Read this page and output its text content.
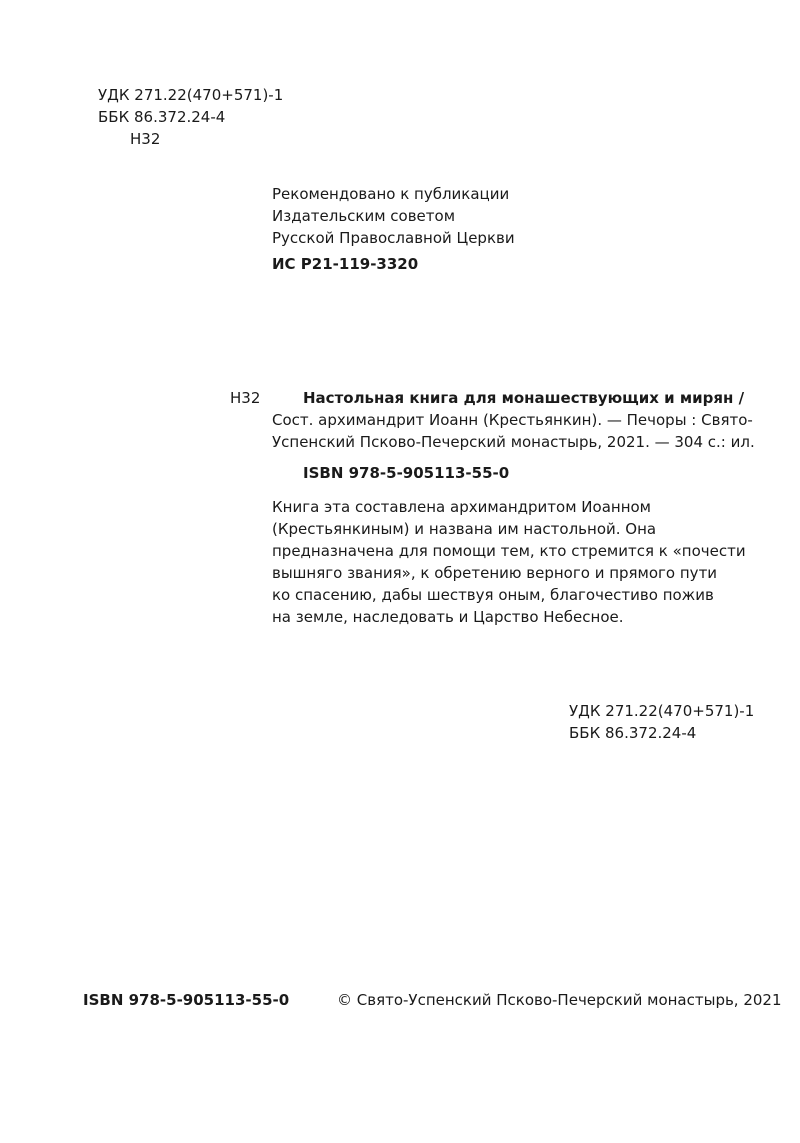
УДК 271.22(470+571)-1
ББК 86.372.24-4
Н32
Рекомендовано к публикации
Издательским советом
Русской Православной Церкви
ИС Р21-119-3320
Н32	Настольная книга для монашествующих и мирян /
Сост. архимандрит Иоанн (Крестьянкин). — Печоры : Свято-
Успенский Псково-Печерский монастырь, 2021. — 304 с.: ил.
ISBN 978-5-905113-55-0
Книга эта составлена архимандритом Иоанном
(Крестьянкиным) и названа им настольной. Она
предназначена для помощи тем, кто стремится к «почести
вышняго звания», к обретению верного и прямого пути
ко спасению, дабы шествуя оным, благочестиво пожив
на земле, наследовать и Царство Небесное.
УДК 271.22(470+571)-1
ББК 86.372.24-4
ISBN 978-5-905113-55-0	© Свято-Успенский Псково-Печерский монастырь, 2021
